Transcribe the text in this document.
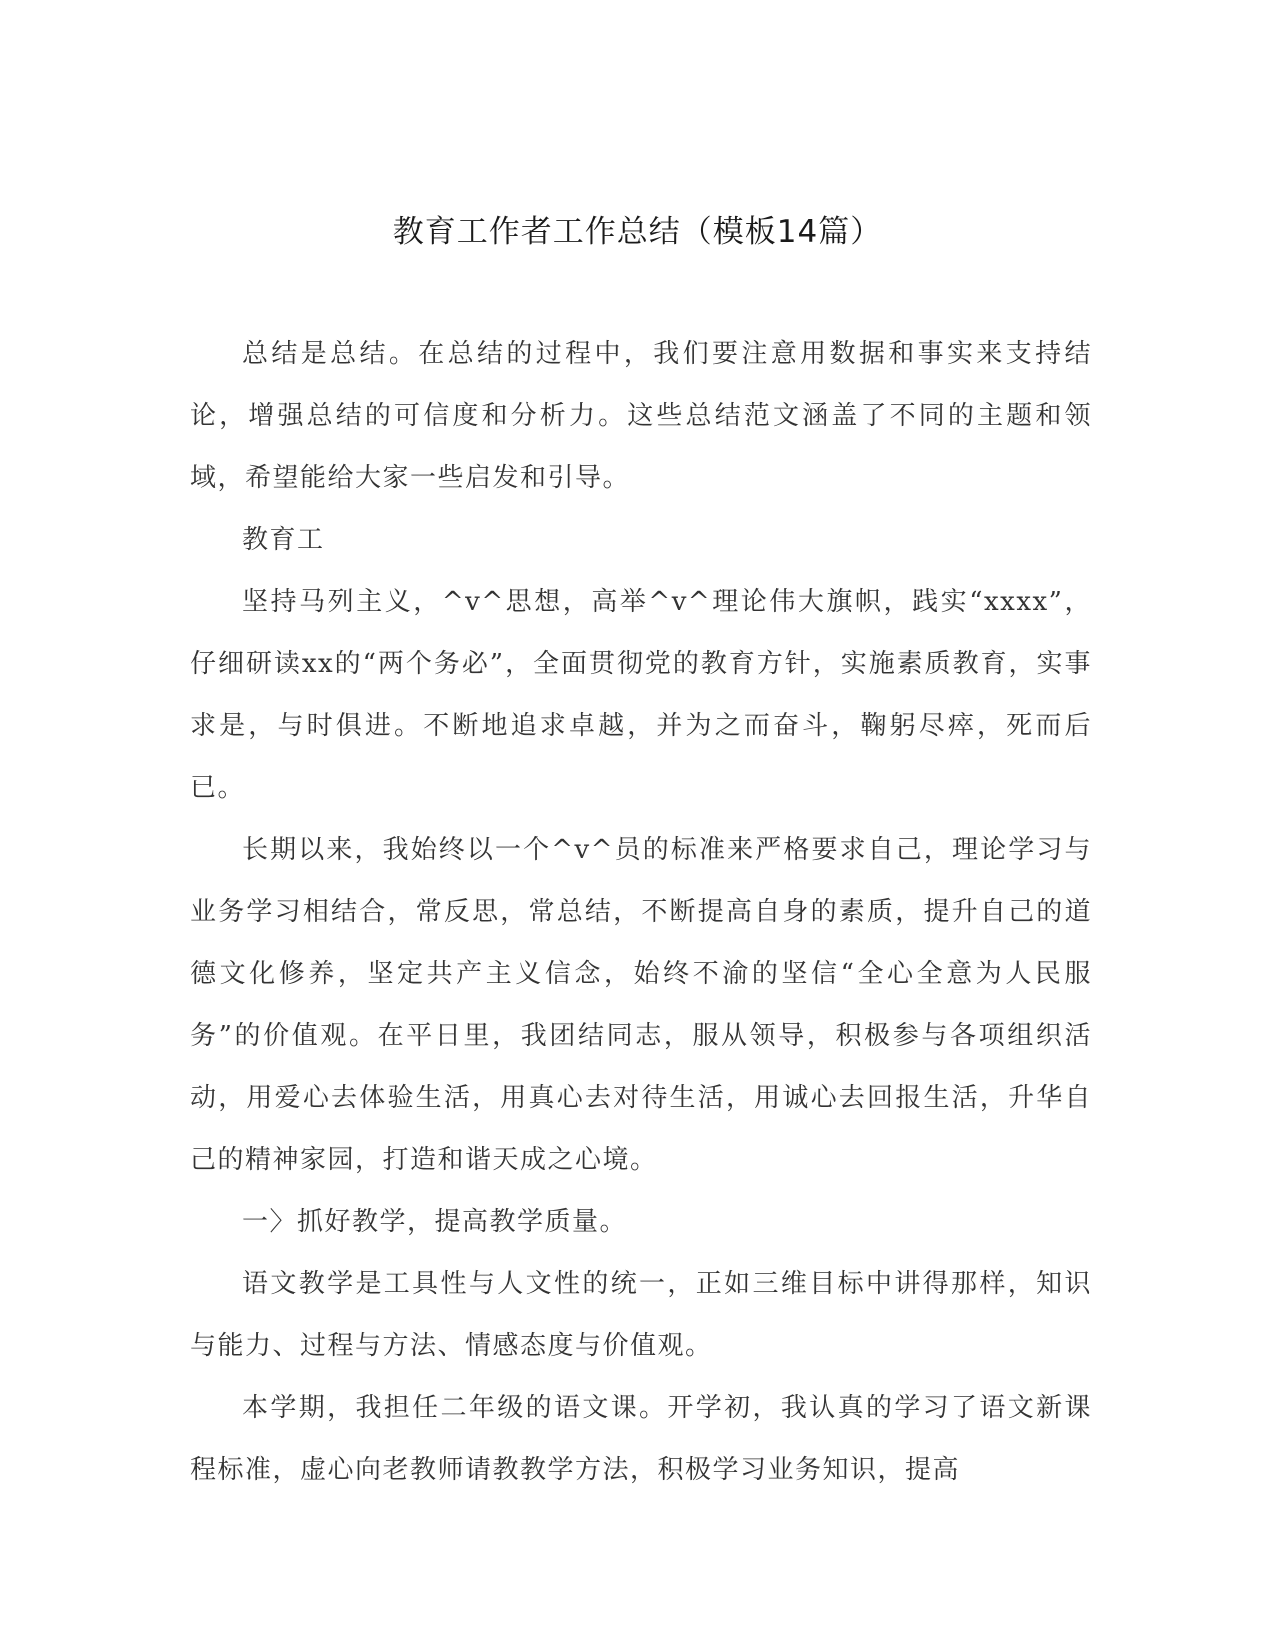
教育工作者工作总结（模板14篇）

总结是总结。在总结的过程中，我们要注意用数据和事实来支持结论，增强总结的可信度和分析力。这些总结范文涵盖了不同的主题和领域，希望能给大家一些启发和引导。

教育工

坚持马列主义，^v^思想，高举^v^理论伟大旗帜，践实“xxxx”，仔细研读xx的“两个务必”，全面贯彻党的教育方针，实施素质教育，实事求是，与时俱进。不断地追求卓越，并为之而奋斗，鞠躬尽瘁，死而后已。

长期以来，我始终以一个^v^员的标准来严格要求自己，理论学习与业务学习相结合，常反思，常总结，不断提高自身的素质，提升自己的道德文化修养，坚定共产主义信念，始终不渝的坚信“全心全意为人民服务”的价值观。在平日里，我团结同志，服从领导，积极参与各项组织活动，用爱心去体验生活，用真心去对待生活，用诚心去回报生活，升华自己的精神家园，打造和谐天成之心境。

一〉抓好教学，提高教学质量。

语文教学是工具性与人文性的统一，正如三维目标中讲得那样，知识与能力、过程与方法、情感态度与价值观。

本学期，我担任二年级的语文课。开学初，我认真的学习了语文新课程标准，虚心向老教师请教教学方法，积极学习业务知识，提高
